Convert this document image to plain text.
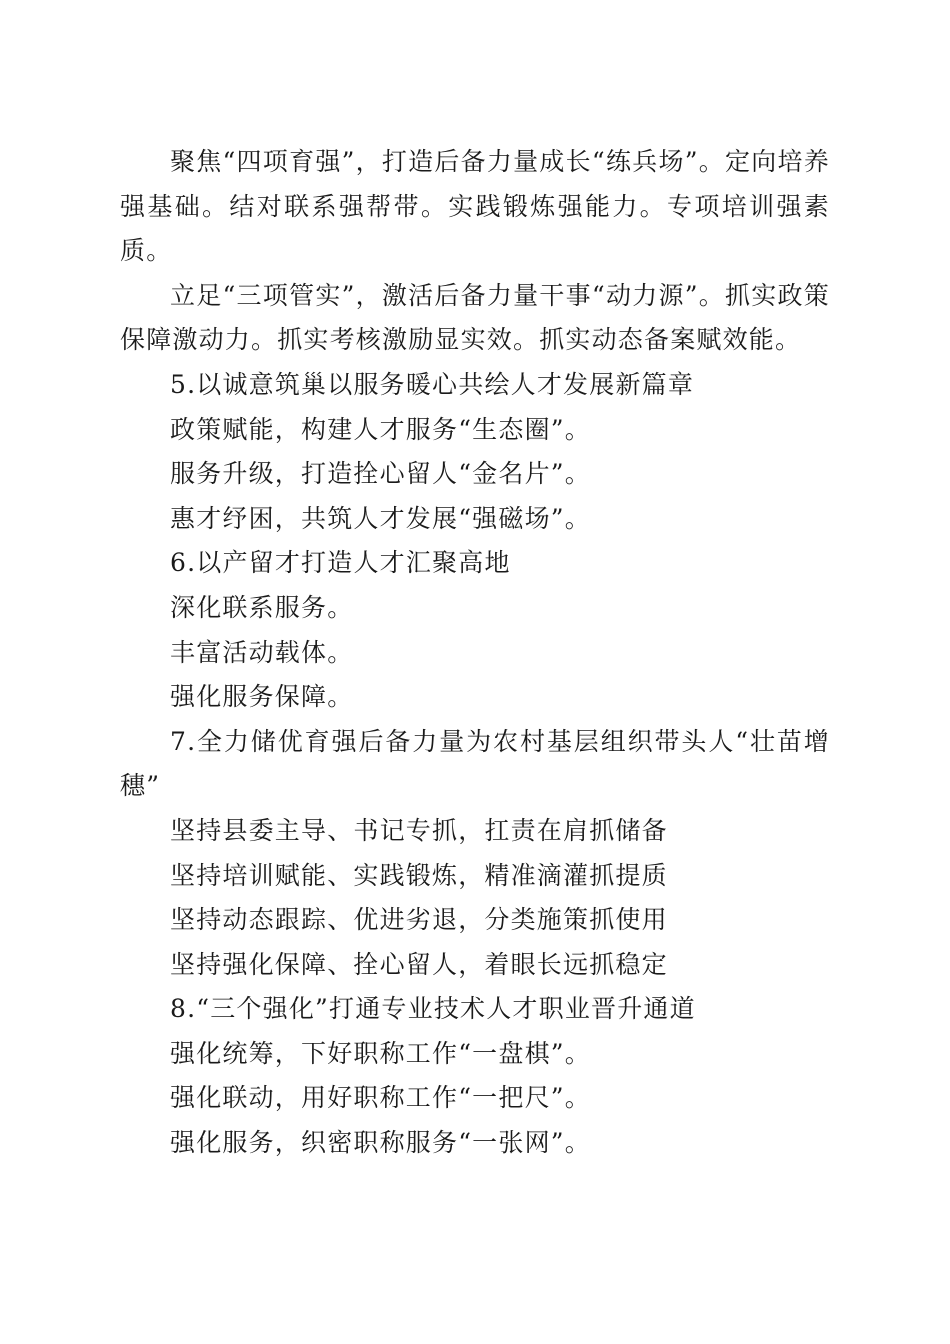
聚焦“四项育强”，打造后备力量成长“练兵场”。定向培养强基础。结对联系强帮带。实践锻炼强能力。专项培训强素质。

立足“三项管实”，激活后备力量干事“动力源”。抓实政策保障激动力。抓实考核激励显实效。抓实动态备案赋效能。

5.以诚意筑巢以服务暖心共绘人才发展新篇章

政策赋能，构建人才服务“生态圈”。

服务升级，打造拴心留人“金名片”。

惠才纾困，共筑人才发展“强磁场”。

6.以产留才打造人才汇聚高地

深化联系服务。

丰富活动载体。

强化服务保障。

7.全力储优育强后备力量为农村基层组织带头人“壮苗增穗”

坚持县委主导、书记专抓，扛责在肩抓储备

坚持培训赋能、实践锻炼，精准滴灌抓提质

坚持动态跟踪、优进劣退，分类施策抓使用

坚持强化保障、拴心留人，着眼长远抓稳定

8.“三个强化”打通专业技术人才职业晋升通道

强化统筹，下好职称工作“一盘棋”。

强化联动，用好职称工作“一把尺”。

强化服务，织密职称服务“一张网”。
